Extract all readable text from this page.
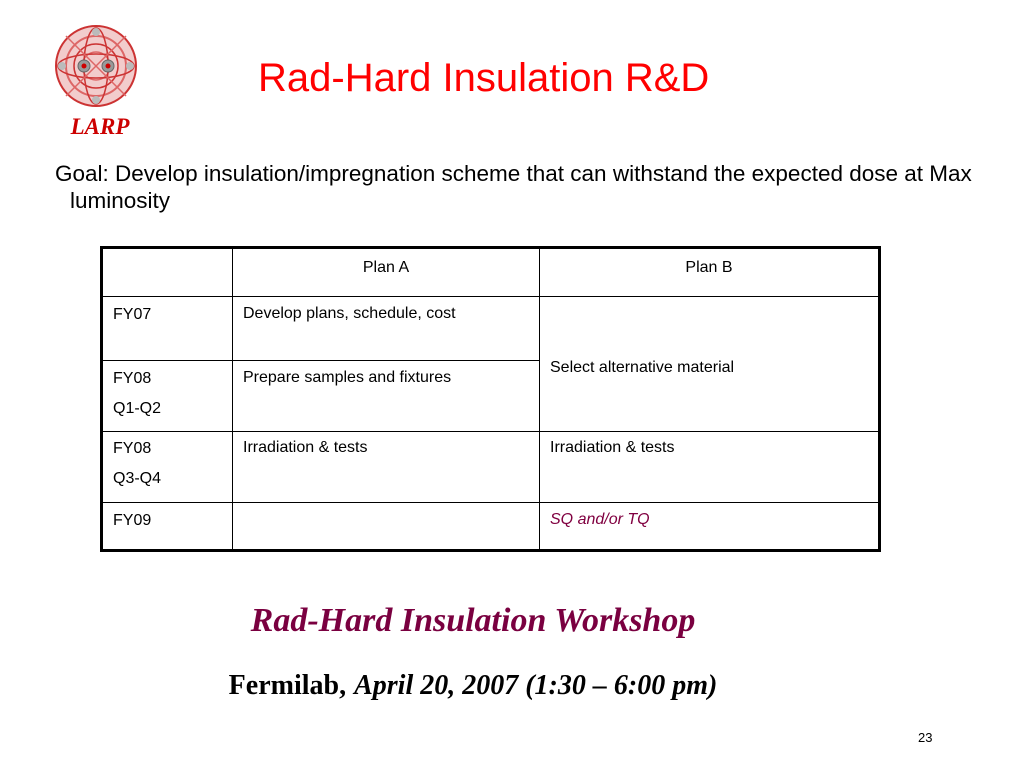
LARP
Rad-Hard Insulation R&D
Goal: Develop insulation/impregnation scheme that can withstand the expected dose at Max luminosity
	Plan A	Plan B

FY07	Develop plans, schedule, cost	Select alternative material

FY08
Q1-Q2	Prepare samples and fixtures	

FY08
Q3-Q4	Irradiation & tests	Irradiation & tests

FY09		SQ and/or TQ
Rad-Hard Insulation Workshop
Fermilab, April 20, 2007 (1:30 – 6:00 pm)
23
